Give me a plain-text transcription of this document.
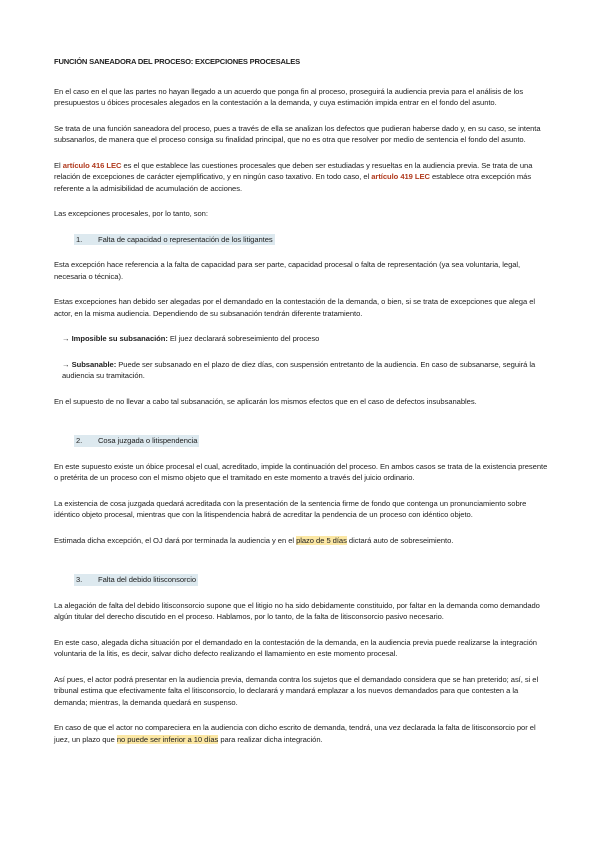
FUNCIÓN SANEADORA DEL PROCESO: EXCEPCIONES PROCESALES

En el caso en el que las partes no hayan llegado a un acuerdo que ponga fin al proceso, proseguirá la audiencia previa para el análisis de los presupuestos u óbices procesales alegados en la contestación a la demanda, y cuya estimación impida entrar en el fondo del asunto.

Se trata de una función saneadora del proceso, pues a través de ella se analizan los defectos que pudieran haberse dado y, en su caso, se intenta subsanarlos, de manera que el proceso consiga su finalidad principal, que no es otra que resolver por medio de sentencia el fondo del asunto.

El artículo 416 LEC es el que establece las cuestiones procesales que deben ser estudiadas y resueltas en la audiencia previa. Se trata de una relación de excepciones de carácter ejemplificativo, y en ningún caso taxativo. En todo caso, el artículo 419 LEC establece otra excepción más referente a la admisibilidad de acumulación de acciones.

Las excepciones procesales, por lo tanto, son:

1. Falta de capacidad o representación de los litigantes

Esta excepción hace referencia a la falta de capacidad para ser parte, capacidad procesal o falta de representación (ya sea voluntaria, legal, necesaria o técnica).

Estas excepciones han debido ser alegadas por el demandado en la contestación de la demanda, o bien, si se trata de excepciones que alega el actor, en la misma audiencia. Dependiendo de su subsanación tendrán diferente tratamiento.

→ Imposible su subsanación: El juez declarará sobreseimiento del proceso

→ Subsanable: Puede ser subsanado en el plazo de diez días, con suspensión entretanto de la audiencia. En caso de subsanarse, seguirá la audiencia su tramitación.

En el supuesto de no llevar a cabo tal subsanación, se aplicarán los mismos efectos que en el caso de defectos insubsanables.

2. Cosa juzgada o litispendencia

En este supuesto existe un óbice procesal el cual, acreditado, impide la continuación del proceso. En ambos casos se trata de la existencia presente o pretérita de un proceso con el mismo objeto que el tramitado en este momento a través del juicio ordinario.

La existencia de cosa juzgada quedará acreditada con la presentación de la sentencia firme de fondo que contenga un pronunciamiento sobre idéntico objeto procesal, mientras que con la litispendencia habrá de acreditar la pendencia de un proceso con idéntico objeto.

Estimada dicha excepción, el OJ dará por terminada la audiencia y en el plazo de 5 días dictará auto de sobreseimiento.

3. Falta del debido litisconsorcio

La alegación de falta del debido litisconsorcio supone que el litigio no ha sido debidamente constituido, por faltar en la demanda como demandado algún titular del derecho discutido en el proceso. Hablamos, por lo tanto, de la falta de litisconsorcio pasivo necesario.

En este caso, alegada dicha situación por el demandado en la contestación de la demanda, en la audiencia previa puede realizarse la integración voluntaria de la litis, es decir, salvar dicho defecto realizando el llamamiento en este momento procesal.

Así pues, el actor podrá presentar en la audiencia previa, demanda contra los sujetos que el demandado considera que se han preterido; así, si el tribunal estima que efectivamente falta el litisconsorcio, lo declarará y mandará emplazar a los nuevos demandados para que contesten a la demanda; mientras, la demanda quedará en suspenso.

En caso de que el actor no compareciera en la audiencia con dicho escrito de demanda, tendrá, una vez declarada la falta de litisconsorcio por el juez, un plazo que no puede ser inferior a 10 días para realizar dicha integración.
